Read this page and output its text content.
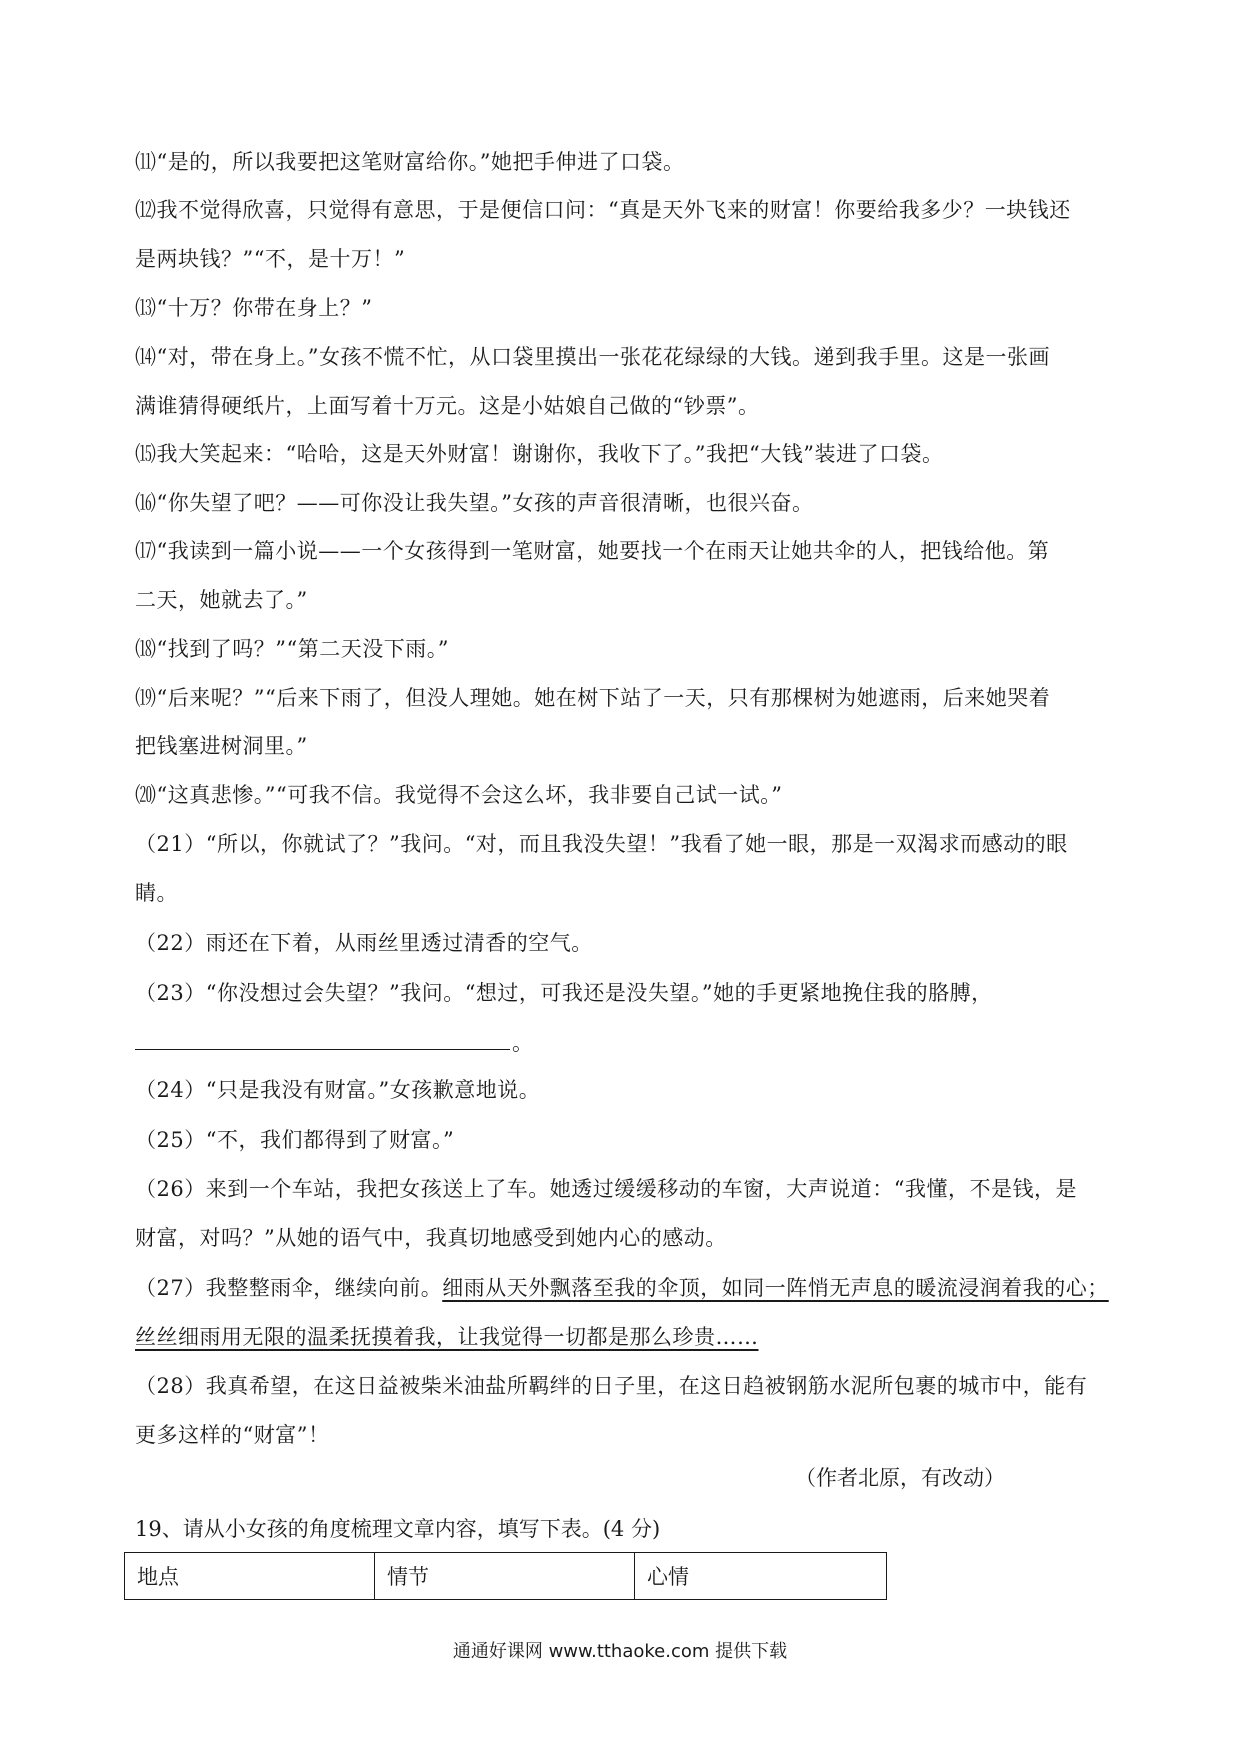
⑾“是的，所以我要把这笔财富给你。”她把手伸进了口袋。
⑿我不觉得欣喜，只觉得有意思，于是便信口问：“真是天外飞来的财富！你要给我多少？一块钱还
是两块钱？”“不，是十万！”
⒀“十万？你带在身上？”
⒁“对，带在身上。”女孩不慌不忙，从口袋里摸出一张花花绿绿的大钱。递到我手里。这是一张画
满谁猜得硬纸片，上面写着十万元。这是小姑娘自己做的“钞票”。
⒂我大笑起来：“哈哈，这是天外财富！谢谢你，我收下了。”我把“大钱”装进了口袋。
⒃“你失望了吧？——可你没让我失望。”女孩的声音很清晰，也很兴奋。
⒄“我读到一篇小说——一个女孩得到一笔财富，她要找一个在雨天让她共伞的人，把钱给他。第
二天，她就去了。”
⒅“找到了吗？”“第二天没下雨。”
⒆“后来呢？”“后来下雨了，但没人理她。她在树下站了一天，只有那棵树为她遮雨，后来她哭着
把钱塞进树洞里。”
⒇“这真悲惨。”“可我不信。我觉得不会这么坏，我非要自己试一试。”
（21）“所以，你就试了？”我问。“对，而且我没失望！”我看了她一眼，那是一双渴求而感动的眼
睛。
（22）雨还在下着，从雨丝里透过清香的空气。
（23）“你没想过会失望？”我问。“想过，可我还是没失望。”她的手更紧地挽住我的胳膊，
。
（24）“只是我没有财富。”女孩歉意地说。
（25）“不，我们都得到了财富。”
（26）来到一个车站，我把女孩送上了车。她透过缓缓移动的车窗，大声说道：“我懂，不是钱，是
财富，对吗？”从她的语气中，我真切地感受到她内心的感动。
（27）我整整雨伞，继续向前。细雨从天外飘落至我的伞顶，如同一阵悄无声息的暖流浸润着我的心；
丝丝细雨用无限的温柔抚摸着我，让我觉得一切都是那么珍贵……
（28）我真希望，在这日益被柴米油盐所羁绊的日子里，在这日趋被钢筋水泥所包裹的城市中，能有
更多这样的“财富”！
（作者北原，有改动）
19、请从小女孩的角度梳理文章内容，填写下表。(4 分)
地点	情节	心情
通通好课网 www.tthaoke.com 提供下载
